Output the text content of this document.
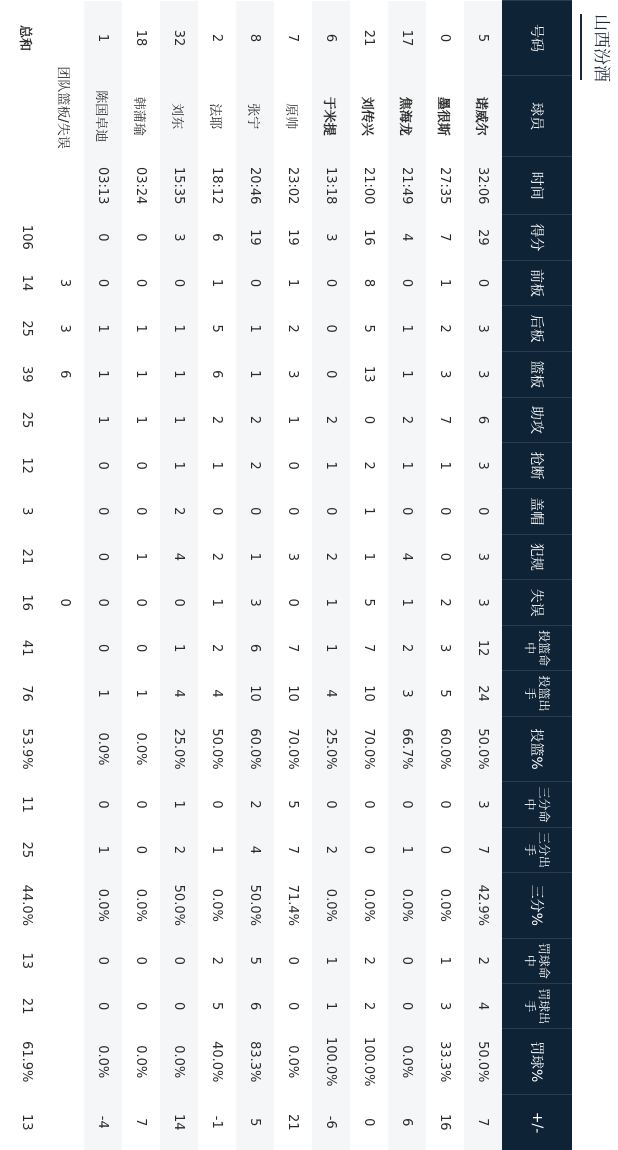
山西汾酒
号码	球员	时间	得分	前板	后板	篮板	助攻	抢断	盖帽	犯规	失误	投篮命中	投篮出手	投篮%	三分命中	三分出手	三分%	罚球命中	罚球出手	罚球%	+/-
5	诺威尔	32:06	29	0	3	3	6	3	0	3	3	12	24	50.0%	3	7	42.9%	2	4	50.0%	7
0	墨很斯	27:35	7	1	2	3	7	1	0	0	2	3	5	60.0%	0	0	0.0%	1	3	33.3%	16
17	焦海龙	21:49	4	0	1	1	2	1	0	4	1	2	3	66.7%	0	1	0.0%	0	0	0.0%	6
21	刘传兴	21:00	16	8	5	13	0	2	1	1	5	7	10	70.0%	0	0	0.0%	2	2	100.0%	0
6	于米提	13:18	3	0	0	0	2	1	0	2	1	1	4	25.0%	0	2	0.0%	1	1	100.0%	-6
7	原帅	23:02	19	1	2	3	1	0	0	3	0	7	10	70.0%	5	7	71.4%	0	0	0.0%	21
8	张宁	20:46	19	0	1	1	2	2	0	1	3	6	10	60.0%	2	4	50.0%	5	6	83.3%	5
2	法耶	18:12	6	1	5	6	2	1	0	2	1	2	4	50.0%	0	1	0.0%	2	5	40.0%	-1
32	刘东	15:35	3	0	1	1	1	1	2	4	0	1	4	25.0%	1	2	50.0%	0	0	0.0%	14
18	韩蒲瑜	03:24	0	0	1	1	1	0	0	1	0	0	1	0.0%	0	0	0.0%	0	0	0.0%	7
1	陈国卓迪	03:13	0	0	1	1	1	0	0	0	0	0	1	0.0%	0	1	0.0%	0	0	0.0%	-4
团队篮板/失误				3	3	6					0										
总和			106	14	25	39	25	12	3	21	16	41	76	53.9%	11	25	44.0%	13	21	61.9%	13
